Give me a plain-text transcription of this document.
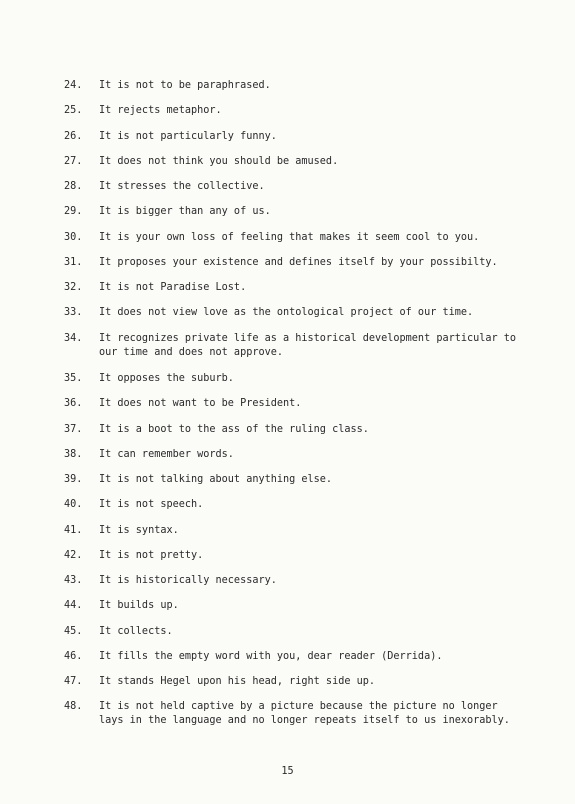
24.	It is not to be paraphrased.
25.	It rejects metaphor.
26.	It is not particularly funny.
27.	It does not think you should be amused.
28.	It stresses the collective.
29.	It is bigger than any of us.
30.	It is your own loss of feeling that makes it seem cool to you.
31.	It proposes your existence and defines itself by your possibilty.
32.	It is not Paradise Lost.
33.	It does not view love as the ontological project of our time.
34.	It recognizes private life as a historical development particular to
our time and does not approve.
35.	It opposes the suburb.
36.	It does not want to be President.
37.	It is a boot to the ass of the ruling class.
38.	It can remember words.
39.	It is not talking about anything else.
40.	It is not speech.
41.	It is syntax.
42.	It is not pretty.
43.	It is historically necessary.
44.	It builds up.
45.	It collects.
46.	It fills the empty word with you, dear reader (Derrida).
47.	It stands Hegel upon his head, right side up.
48.	It is not held captive by a picture because the picture no longer
lays in the language and no longer repeats itself to us inexorably.
15
